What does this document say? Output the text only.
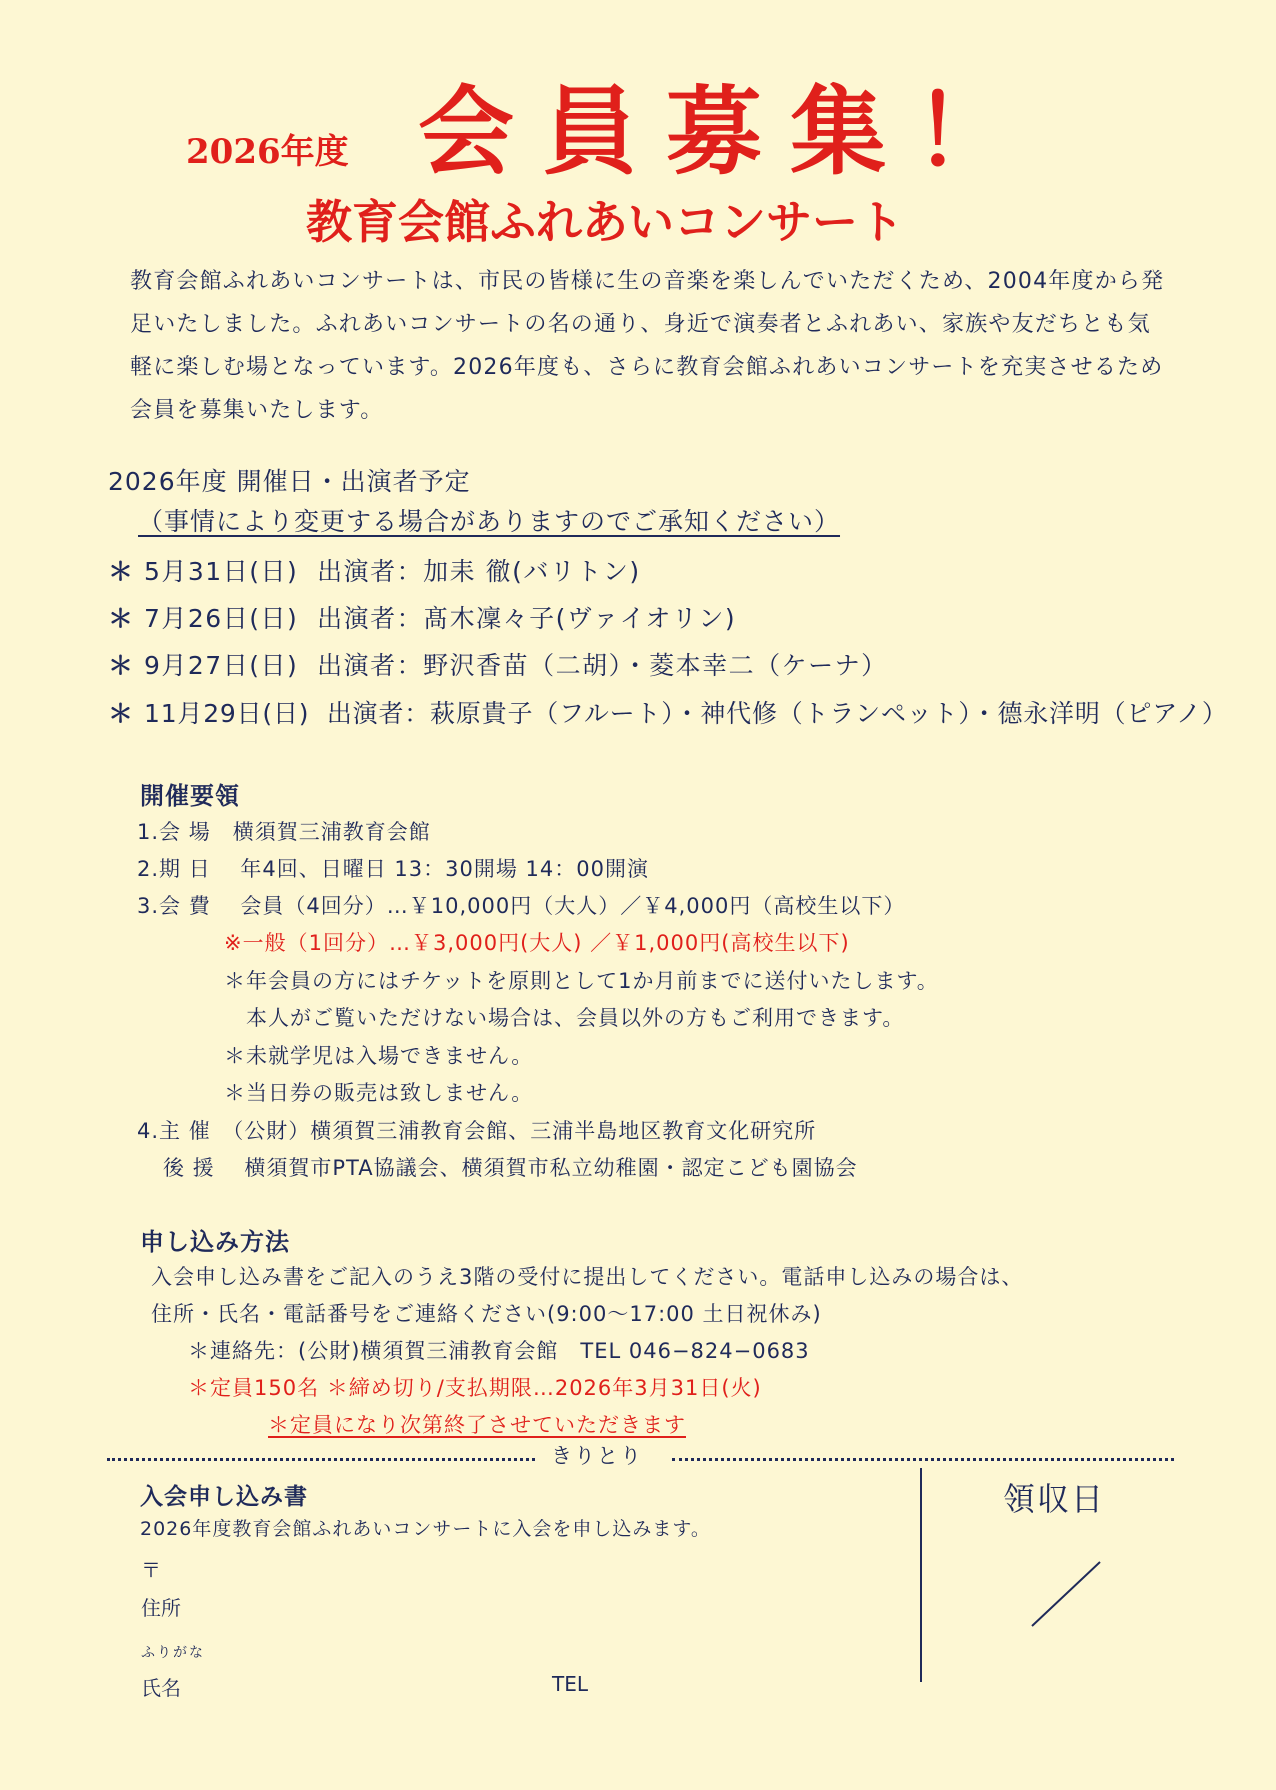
2026年度 会員募集！
教育会館ふれあいコンサート
教育会館ふれあいコンサートは、市民の皆様に生の音楽を楽しんでいただくため、2004年度から発足いたしました。ふれあいコンサートの名の通り、身近で演奏者とふれあい、家族や友だちとも気軽に楽しむ場となっています。2026年度も、さらに教育会館ふれあいコンサートを充実させるため会員を募集いたします。
2026年度 開催日・出演者予定
（事情により変更する場合がありますのでご承知ください）
＊ 5月31日(日) 出演者：加耒 徹(バリトン)
＊ 7月26日(日) 出演者：髙木凜々子(ヴァイオリン)
＊ 9月27日(日) 出演者：野沢香苗（二胡）・菱本幸二（ケーナ）
＊ 11月29日(日) 出演者：萩原貴子（フルート）・神代修（トランペット）・德永洋明（ピアノ）
開催要領
1.会 場　横須賀三浦教育会館
2.期 日　 年4回、日曜日 13：30開場 14：00開演
3.会 費　 会員（4回分）…￥10,000円（大人）／￥4,000円（高校生以下）
※一般（1回分）…￥3,000円(大人) ／￥1,000円(高校生以下)
＊年会員の方にはチケットを原則として1か月前までに送付いたします。
本人がご覧いただけない場合は、会員以外の方もご利用できます。
＊未就学児は入場できません。
＊当日券の販売は致しません。
4.主 催　（公財）横須賀三浦教育会館、三浦半島地区教育文化研究所
後 援　 横須賀市PTA協議会、横須賀市私立幼稚園・認定こども園協会
申し込み方法
入会申し込み書をご記入のうえ3階の受付に提出してください。電話申し込みの場合は、
住所・氏名・電話番号をご連絡ください(9:00～17:00 土日祝休み)
＊連絡先：(公財)横須賀三浦教育会館　TEL 046−824−0683
＊定員150名 ＊締め切り/支払期限…2026年3月31日(火)
＊定員になり次第終了させていただきます
きりとり
入会申し込み書
2026年度教育会館ふれあいコンサートに入会を申し込みます。
〒
住所
ふりがな
氏名	TEL
領収日
